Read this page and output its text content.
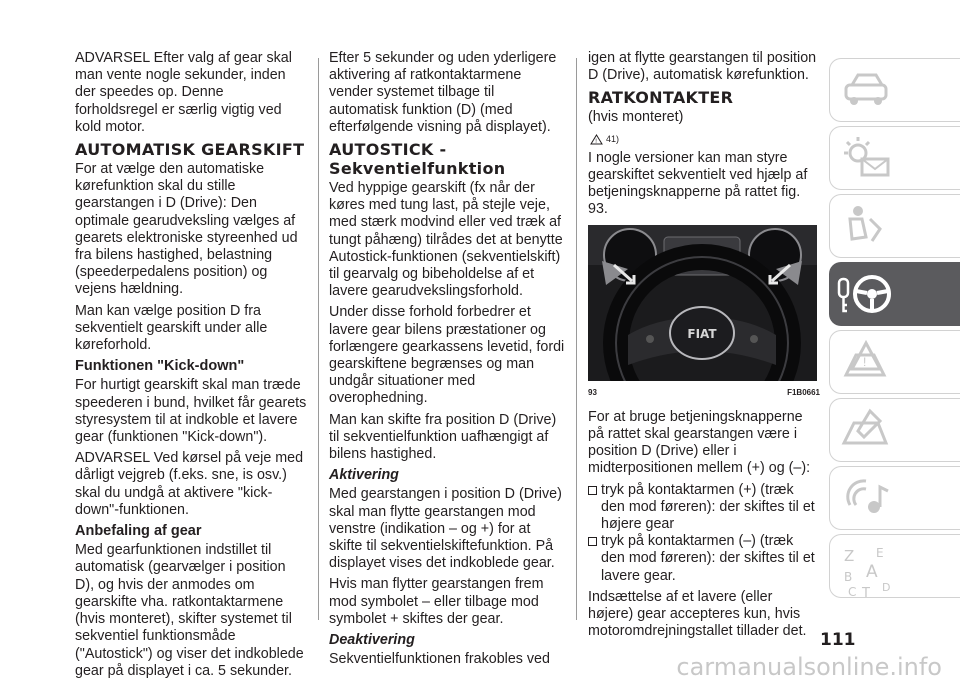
ADVARSEL Efter valg af gear skal man vente nogle sekunder, inden der speedes op. Denne forholdsregel er særlig vigtig ved kold motor.

AUTOMATISK GEARSKIFT

For at vælge den automatiske kørefunktion skal du stille gearstangen i D (Drive): Den optimale gearudveksling vælges af gearets elektroniske styreenhed ud fra bilens hastighed, belastning (speederpedalens position) og vejens hældning.

Man kan vælge position D fra sekventielt gearskift under alle køreforhold.

Funktionen "Kick-down"

For hurtigt gearskift skal man træde speederen i bund, hvilket får gearets styresystem til at indkoble et lavere gear (funktionen "Kick-down").

ADVARSEL Ved kørsel på veje med dårligt vejgreb (f.eks. sne, is osv.) skal du undgå at aktivere "kick-down"-funktionen.

Anbefaling af gear

Med gearfunktionen indstillet til automatisk (gearvælger i position D), og hvis der anmodes om gearskifte vha. ratkontaktarmene (hvis monteret), skifter systemet til sekventiel funktionsmåde ("Autostick") og viser det indkoblede gear på displayet i ca. 5 sekunder.

Efter 5 sekunder og uden yderligere aktivering af ratkontaktarmene vender systemet tilbage til automatisk funktion (D) (med efterfølgende visning på displayet).

AUTOSTICK - Sekventielfunktion

Ved hyppige gearskift (fx når der køres med tung last, på stejle veje, med stærk modvind eller ved træk af tungt påhæng) tilrådes det at benytte Autostick-funktionen (sekventielskift) til gearvalg og bibeholdelse af et lavere gearudvekslingsforhold.

Under disse forhold forbedrer et lavere gear bilens præstationer og forlængere gearkassens levetid, fordi gearskiftene begrænses og man undgår situationer med overophedning.

Man kan skifte fra position D (Drive) til sekventielfunktion uafhængigt af bilens hastighed.

Aktivering

Med gearstangen i position D (Drive) skal man flytte gearstangen mod venstre (indikation – og +) for at skifte til sekventielskiftefunktion. På displayet vises det indkoblede gear.

Hvis man flytter gearstangen frem mod symbolet – eller tilbage mod symbolet + skiftes der gear.

Deaktivering

Sekventielfunktionen frakobles ved

igen at flytte gearstangen til position D (Drive), automatisk kørefunktion.

RATKONTAKTER

(hvis monteret)

! 41)

I nogle versioner kan man styre gearskiftet sekventielt ved hjælp af betjeningsknapperne på rattet fig. 93.

km/h
FIAT
93	F1B0661

For at bruge betjeningsknapperne på rattet skal gearstangen være i position D (Drive) eller i midterpositionen mellem (+) og (–):

tryk på kontaktarmen (+) (træk den mod føreren): der skiftes til et højere gear
tryk på kontaktarmen (–) (træk den mod føreren): der skiftes til et lavere gear.

Indsættelse af et lavere (eller højere) gear accepteres kun, hvis motoromdrejningstallet tillader det.

!
Z E
B A
C T D
111
carmanualsonline.info
